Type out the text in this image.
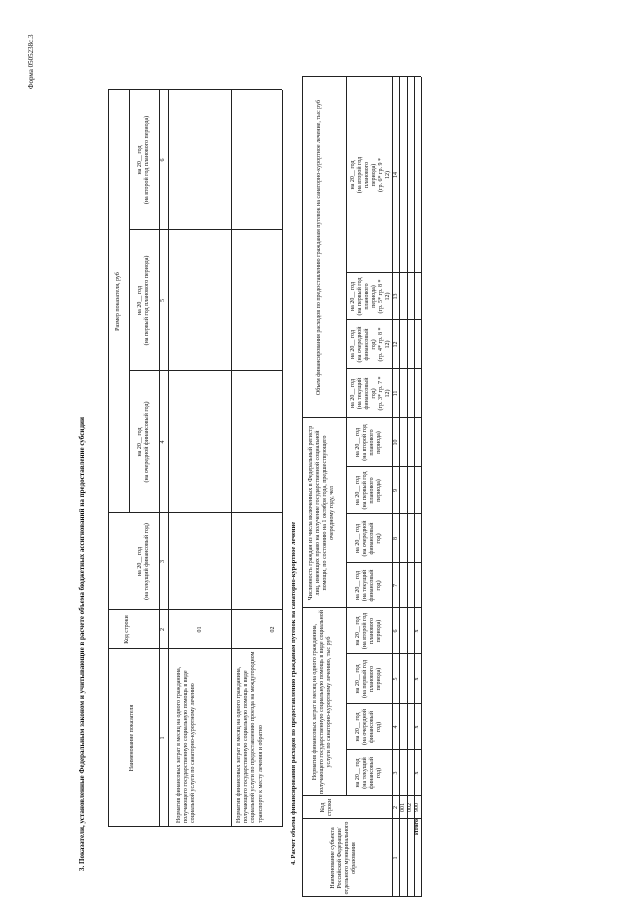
Форма 0505238с.3
3. Показатели, установленные Федеральным законом и учитывающие в расчете объема бюджетных ассигнований на предоставление субсидии	Наименование показателя
Код строки
Размер показателя, руб
на 20__ год
(на текущий финансовый год)
на 20__ год
(на очередной финансовый год)
на 20__ год
(на первый год планового периода)
на 20__ год
(на второй год планового периода)
1
2
3
4
5
6
Норматив финансовых затрат в месяц на одного гражданина, получающего государственную социальную помощь в виде социальной услуги по санаторно-курортному лечению
01
Норматив финансовых затрат в месяц на одного гражданина, получающего государственную социальную помощь в виде социальной услуги по предоставлению проезда на междугородном транспорте к месту лечения и обратно
02 4. Расчет объема финансирования расходов по предоставлению гражданам путевок на санаторно-курортное лечение	Наименование субъекта Российской Федерации/ отдельного муниципального образования
Код строки
Норматив финансовых затрат в месяц на одного гражданина, получающего государственную социальную помощь в виде социальной услуги по санаторно-курортному лечению, тыс руб
Численность граждан из числа включенных в Федеральный регистр лиц, имеющих право на получение государственной социальной помощи, по состоянию на 1 октября года, предшествующего очередному году, чел
Объем финансирования расходов по предоставлению гражданам путевок на санаторно-курортное лечение, тыс руб
на 20__ год
(на текущий
финансовый
год)
на 20__ год
(на очередной
финансовый
год)
на 20__ год
(на первый год
планового
периода)
на 20__ год
(на второй год
планового
периода)
на 20__ год
(на текущий
финансовый
год)
на 20__ год
(на очередной
финансовый
год)
на 20__ год
(на первый год
планового
периода)
на 20__ год
(на второй год
планового
периода)
на 20__ год
(на текущий
финансовый
год)
(гр. 3* гр. 7 *
12)
на 20__ год
(на очередной
финансовый
год)
(гр. 4* гр. 8 *
12)
на 20__ год
(на первый год
планового
периода)
(гр. 5* гр. 8 *
12)
на 20__ год
(на второй год
планового
периода)
(гр. 6* гр. 9 *
12)
1
2
3
4
5
6
7
8
9
10
11
12
13
14
001 002
Итого
900
x
x
x
x
